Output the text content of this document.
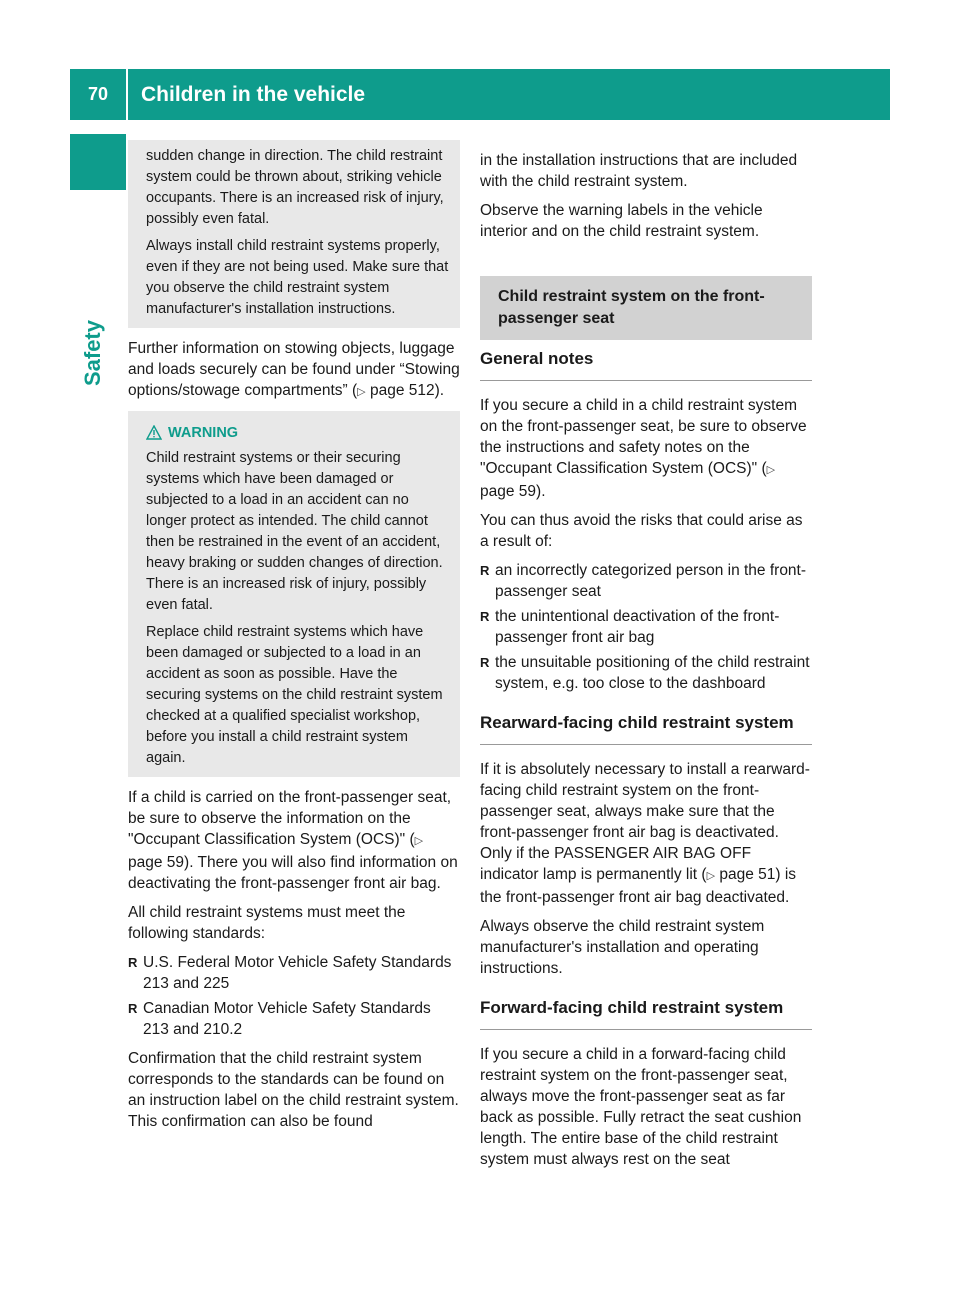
70	Children in the vehicle
Safety

sudden change in direction. The child restraint system could be thrown about, striking vehicle occupants. There is an increased risk of injury, possibly even fatal.

Always install child restraint systems properly, even if they are not being used. Make sure that you observe the child restraint system manufacturer's installation instructions.

Further information on stowing objects, luggage and loads securely can be found under “Stowing options/stowage compartments” (▷ page 512).

WARNING

Child restraint systems or their securing systems which have been damaged or subjected to a load in an accident can no longer protect as intended. The child cannot then be restrained in the event of an accident, heavy braking or sudden changes of direction. There is an increased risk of injury, possibly even fatal.

Replace child restraint systems which have been damaged or subjected to a load in an accident as soon as possible. Have the securing systems on the child restraint system checked at a qualified specialist workshop, before you install a child restraint system again.

If a child is carried on the front-passenger seat, be sure to observe the information on the "Occupant Classification System (OCS)" (▷ page 59). There you will also find information on deactivating the front-passenger front air bag.

All child restraint systems must meet the following standards:

R U.S. Federal Motor Vehicle Safety Standards 213 and 225
R Canadian Motor Vehicle Safety Standards 213 and 210.2

Confirmation that the child restraint system corresponds to the standards can be found on an instruction label on the child restraint system. This confirmation can also be found

in the installation instructions that are included with the child restraint system.

Observe the warning labels in the vehicle interior and on the child restraint system.

Child restraint system on the front-passenger seat
General notes

If you secure a child in a child restraint system on the front-passenger seat, be sure to observe the instructions and safety notes on the "Occupant Classification System (OCS)" (▷ page 59).

You can thus avoid the risks that could arise as a result of:

R an incorrectly categorized person in the front-passenger seat
R the unintentional deactivation of the front-passenger front air bag
R the unsuitable positioning of the child restraint system, e.g. too close to the dashboard
Rearward-facing child restraint system

If it is absolutely necessary to install a rearward-facing child restraint system on the front-passenger seat, always make sure that the front-passenger front air bag is deactivated. Only if the PASSENGER AIR BAG OFF indicator lamp is permanently lit (▷ page 51) is the front-passenger front air bag deactivated.

Always observe the child restraint system manufacturer's installation and operating instructions.

Forward-facing child restraint system

If you secure a child in a forward-facing child restraint system on the front-passenger seat, always move the front-passenger seat as far back as possible. Fully retract the seat cushion length. The entire base of the child restraint system must always rest on the seat
